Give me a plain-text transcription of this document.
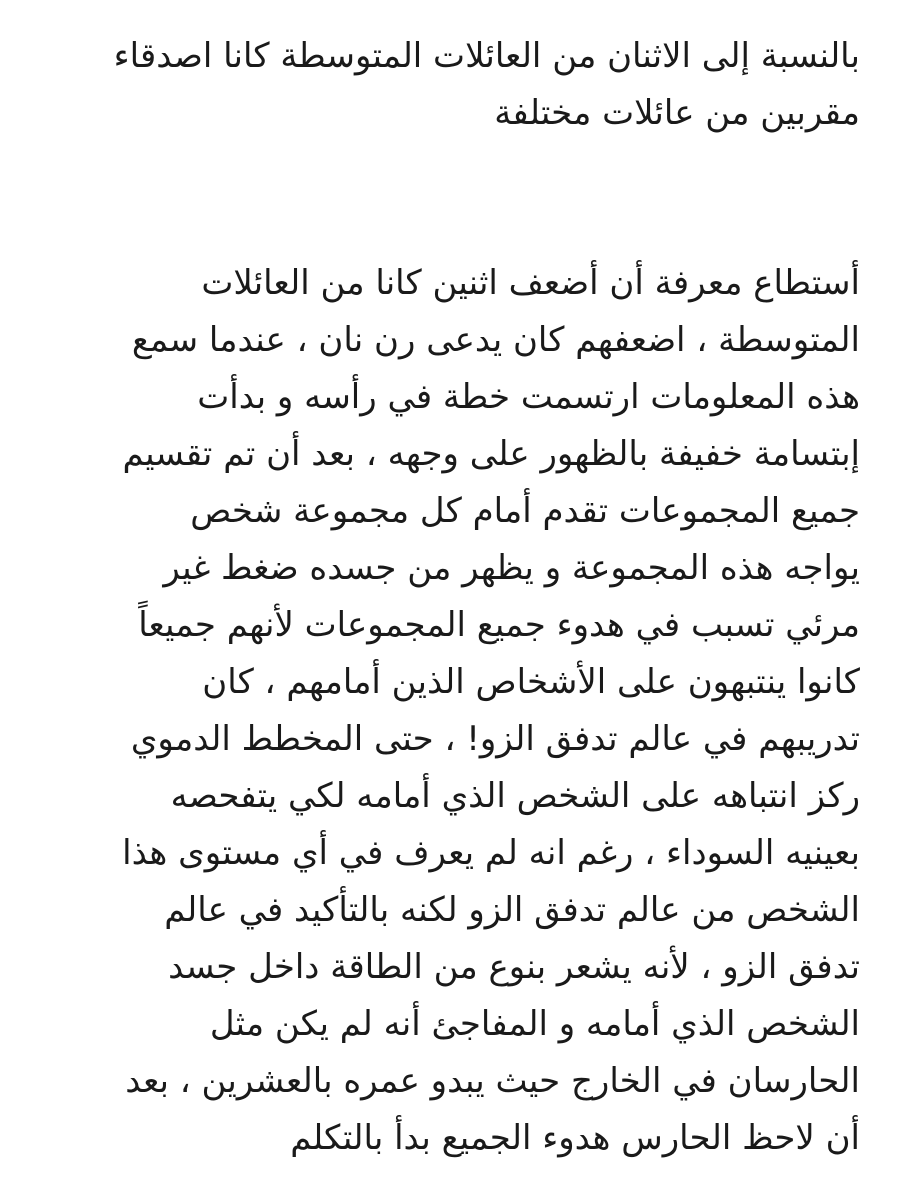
بالنسبة إلى الاثنان من العائلات المتوسطة كانا اصدقاء
مقربين من عائلات مختلفة

أستطاع معرفة أن أضعف اثنين كانا من العائلات
المتوسطة ، اضعفهم كان يدعى رن نان ، عندما سمع
هذه المعلومات ارتسمت خطة في رأسه و بدأت
إبتسامة خفيفة بالظهور على وجهه ، بعد أن تم تقسيم
جميع المجموعات تقدم أمام كل مجموعة شخص
يواجه هذه المجموعة و يظهر من جسده ضغط غير
مرئي تسبب في هدوء جميع المجموعات لأنهم جميعاً
كانوا ينتبهون على الأشخاص الذين أمامهم ، كان
تدريبهم في عالم تدفق الزو! ، حتى المخطط الدموي
ركز انتباهه على الشخص الذي أمامه لكي يتفحصه
بعينيه السوداء ، رغم انه لم يعرف في أي مستوى هذا
الشخص من عالم تدفق الزو لكنه بالتأكيد في عالم
تدفق الزو ، لأنه يشعر بنوع من الطاقة داخل جسد
الشخص الذي أمامه و المفاجئ أنه لم يكن مثل
الحارسان في الخارج حيث يبدو عمره بالعشرين ، بعد
أن لاحظ الحارس هدوء الجميع بدأ بالتكلم
